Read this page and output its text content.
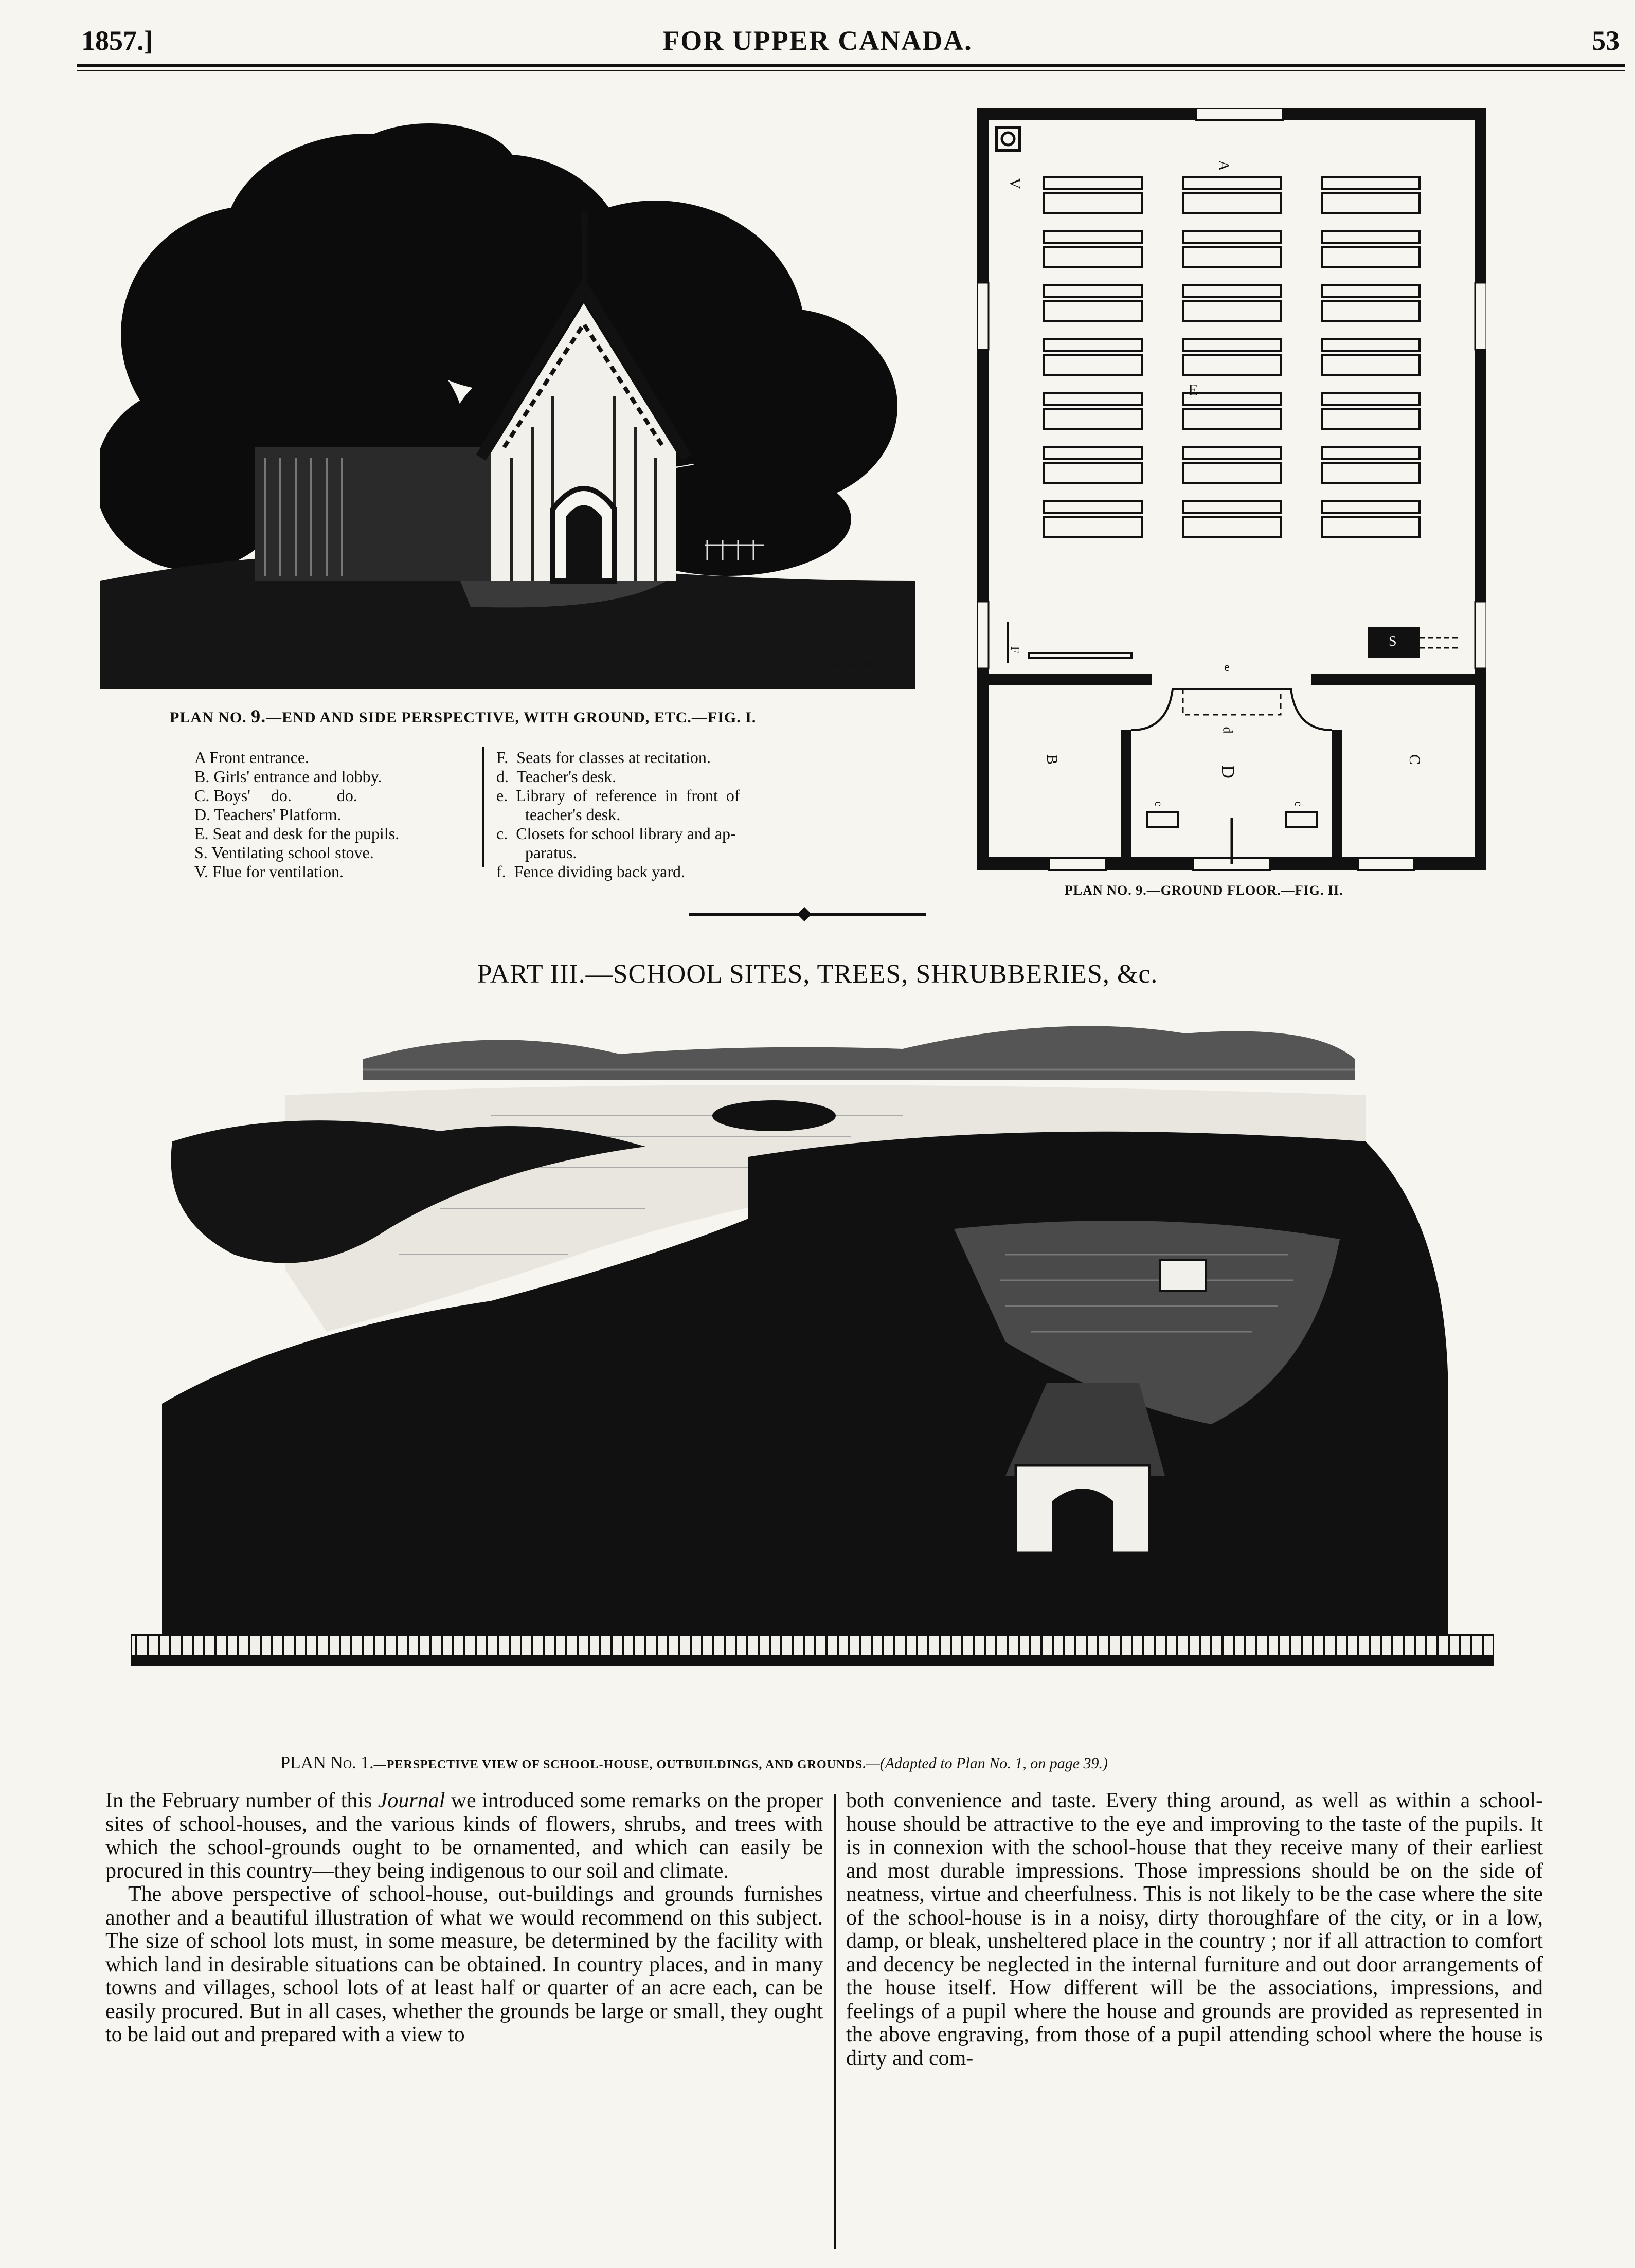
1857.]	FOR UPPER CANADA.	53
E.SCHUMANN Sc.
PLAN NO. 9.—END AND SIDE PERSPECTIVE, WITH GROUND, ETC.—FIG. I.
A Front entrance.
B. Girls' entrance and lobby.
C. Boys'     do.           do.
D. Teachers' Platform.
E. Seat and desk for the pupils.
S. Ventilating school stove.
V. Flue for ventilation.
F.  Seats for classes at recitation.
d.  Teacher's desk.
e.  Library  of  reference  in  front  of
teacher's desk.
c.  Closets for school library and ap-
paratus.
f.  Fence dividing back yard.
A
V
E
S
F
e
B	C
D
d
c	c
PLAN NO. 9.—GROUND FLOOR.—FIG. II.
PART III.—SCHOOL SITES, TREES, SHRUBBERIES, &c.
PLAN No. 1.—PERSPECTIVE VIEW OF SCHOOL-HOUSE, OUTBUILDINGS, AND GROUNDS.—(Adapted to Plan No. 1, on page 39.)

In the February number of this Journal we introduced some remarks on the proper sites of school-houses, and the various kinds of flowers, shrubs, and trees with which the school-grounds ought to be ornamented, and which can easily be procured in this country—they being indigenous to our soil and climate.

The above perspective of school-house, out-buildings and grounds furnishes another and a beautiful illustration of what we would recommend on this subject. The size of school lots must, in some measure, be determined by the facility with which land in desirable situations can be obtained. In country places, and in many towns and villages, school lots of at least half or quarter of an acre each, can be easily procured. But in all cases, whether the grounds be large or small, they ought to be laid out and prepared with a view to

both convenience and taste. Every thing around, as well as within a school-house should be attractive to the eye and improving to the taste of the pupils. It is in connexion with the school-house that they receive many of their earliest and most durable impressions. Those impressions should be on the side of neatness, virtue and cheerfulness. This is not likely to be the case where the site of the school-house is in a noisy, dirty thoroughfare of the city, or in a low, damp, or bleak, unsheltered place in the country ; nor if all attraction to comfort and decency be neglected in the internal furniture and out door arrangements of the house itself. How different will be the associations, impressions, and feelings of a pupil where the house and grounds are provided as represented in the above engraving, from those of a pupil attending school where the house is dirty and com-
